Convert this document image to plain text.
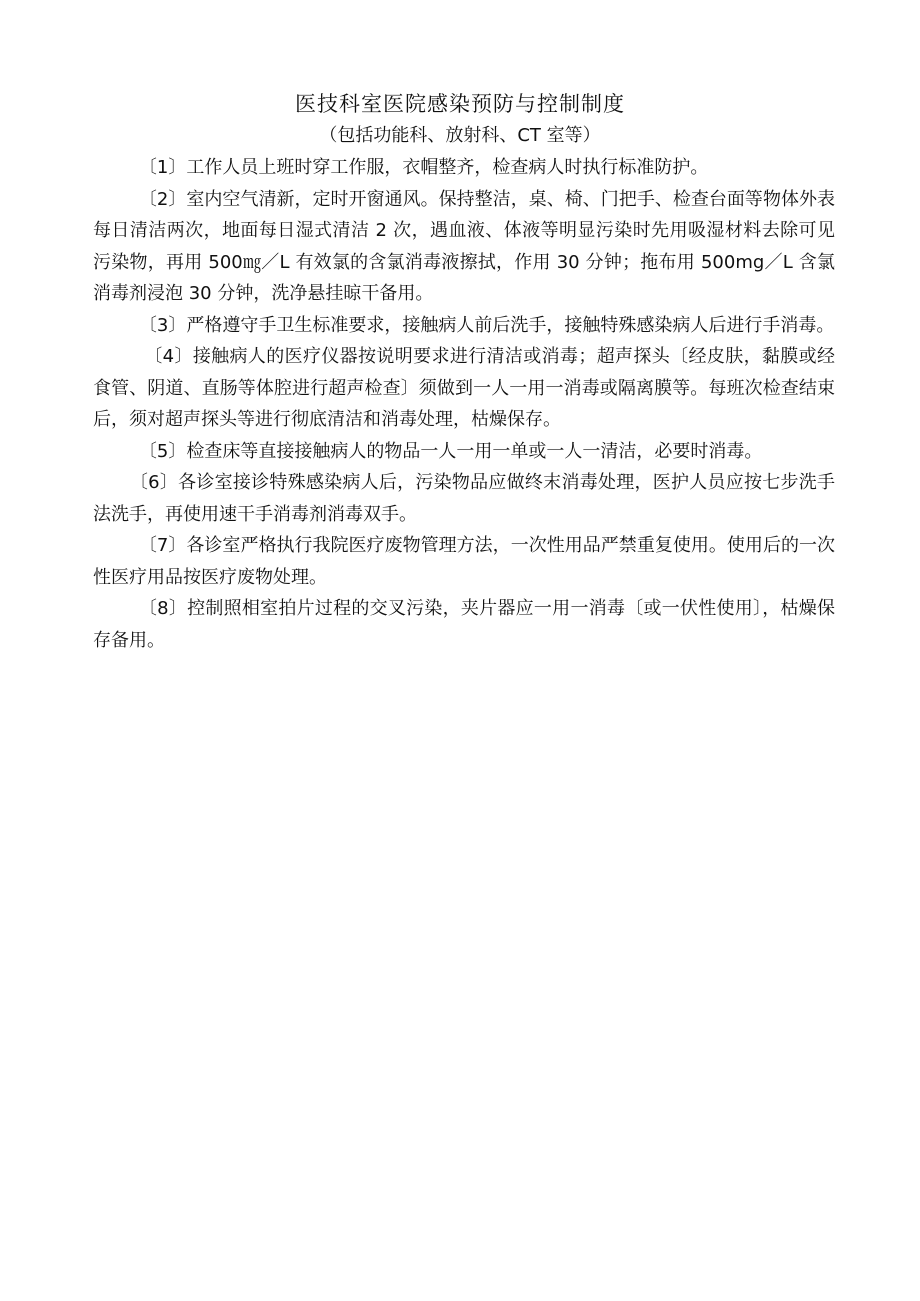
医技科室医院感染预防与控制制度

（包括功能科、放射科、CT 室等）

〔1〕工作人员上班时穿工作服，衣帽整齐，检查病人时执行标准防护。

〔2〕室内空气清新，定时开窗通风。保持整洁，桌、椅、门把手、检查台面等物体外表每日清洁两次，地面每日湿式清洁 2 次，遇血液、体液等明显污染时先用吸湿材料去除可见污染物，再用 500㎎／L 有效氯的含氯消毒液擦拭，作用 30 分钟；拖布用 500mg／L 含氯消毒剂浸泡 30 分钟，洗净悬挂晾干备用。

〔3〕严格遵守手卫生标准要求，接触病人前后洗手，接触特殊感染病人后进行手消毒。

〔4〕接触病人的医疗仪器按说明要求进行清洁或消毒；超声探头〔经皮肤，黏膜或经食管、阴道、直肠等体腔进行超声检查〕须做到一人一用一消毒或隔离膜等。每班次检查结束后，须对超声探头等进行彻底清洁和消毒处理，枯燥保存。

〔5〕检查床等直接接触病人的物品一人一用一单或一人一清洁，必要时消毒。

〔6〕各诊室接诊特殊感染病人后，污染物品应做终末消毒处理，医护人员应按七步洗手法洗手，再使用速干手消毒剂消毒双手。

〔7〕各诊室严格执行我院医疗废物管理方法，一次性用品严禁重复使用。使用后的一次性医疗用品按医疗废物处理。

〔8〕控制照相室拍片过程的交叉污染，夹片器应一用一消毒〔或一伏性使用〕，枯燥保存备用。
